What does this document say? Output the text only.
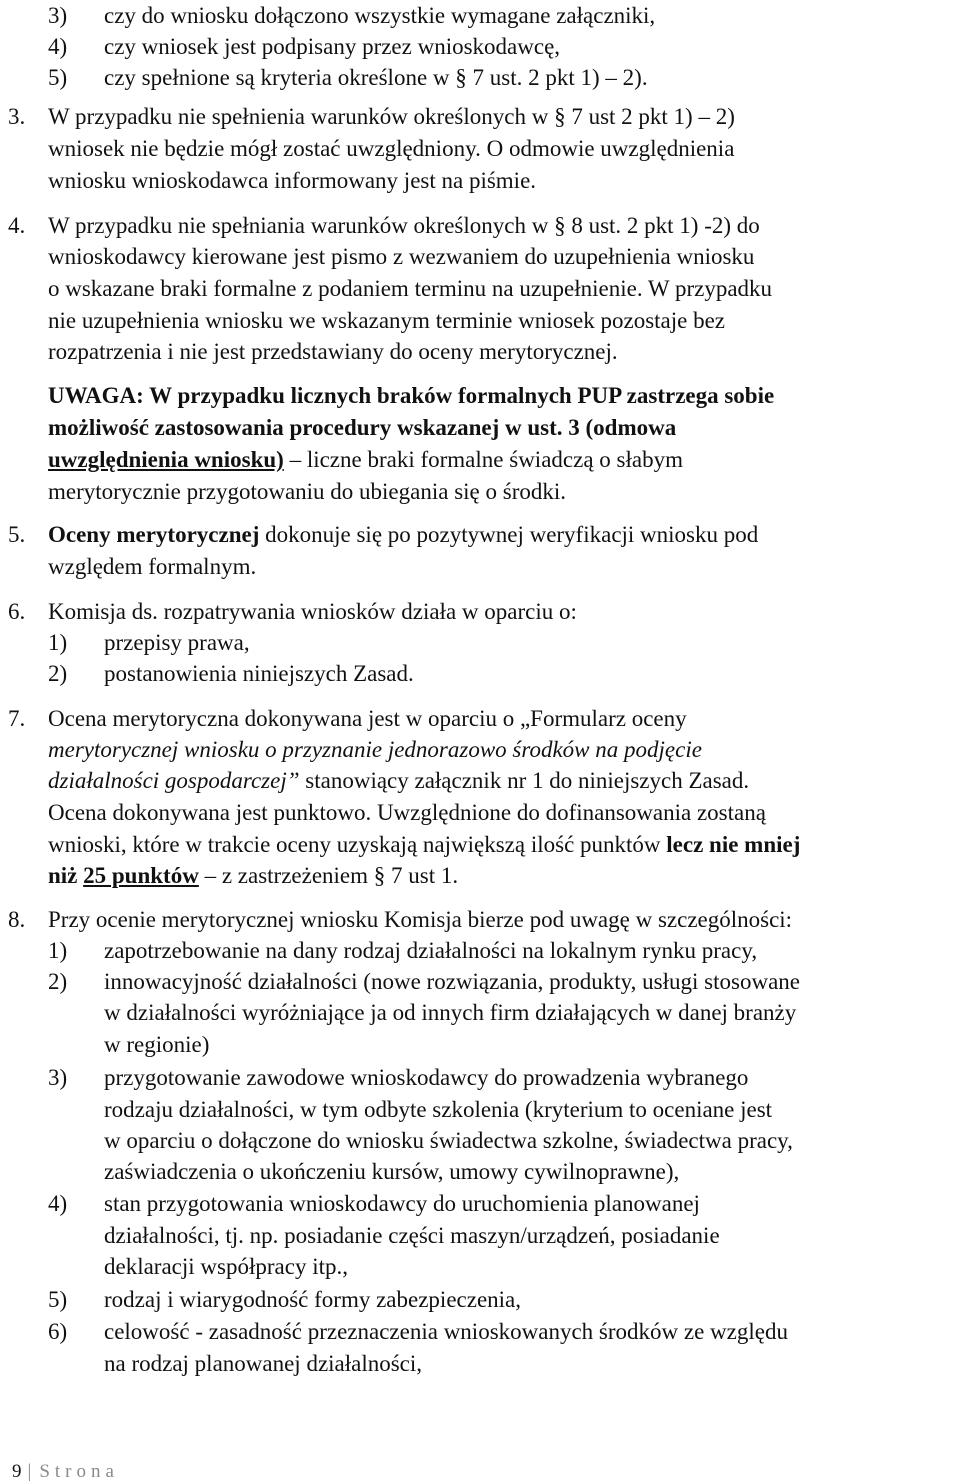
3) czy do wniosku dołączono wszystkie wymagane załączniki,
4) czy wniosek jest podpisany przez wnioskodawcę,
5) czy spełnione są kryteria określone w § 7 ust. 2 pkt 1) – 2).
3. W przypadku nie spełnienia warunków określonych w § 7 ust 2 pkt 1) – 2)
wniosek nie będzie mógł zostać uwzględniony. O odmowie uwzględnienia
wniosku wnioskodawca informowany jest na piśmie.
4. W przypadku nie spełniania warunków określonych w § 8 ust. 2 pkt 1) -2) do
wnioskodawcy kierowane jest pismo z wezwaniem do uzupełnienia wniosku
o wskazane braki formalne z podaniem terminu na uzupełnienie. W przypadku
nie uzupełnienia wniosku we wskazanym terminie wniosek pozostaje bez
rozpatrzenia i nie jest przedstawiany do oceny merytorycznej.
UWAGA: W przypadku licznych braków formalnych PUP zastrzega sobie
możliwość zastosowania procedury wskazanej w ust. 3 (odmowa
uwzględnienia wniosku) – liczne braki formalne świadczą o słabym
merytorycznie przygotowaniu do ubiegania się o środki.
5. Oceny merytorycznej dokonuje się po pozytywnej weryfikacji wniosku pod
względem formalnym.
6. Komisja ds. rozpatrywania wniosków działa w oparciu o:
1) przepisy prawa,
2) postanowienia niniejszych Zasad.
7. Ocena merytoryczna dokonywana jest w oparciu o „Formularz oceny
merytorycznej wniosku o przyznanie jednorazowo środków na podjęcie
działalności gospodarczej” stanowiący załącznik nr 1 do niniejszych Zasad.
Ocena dokonywana jest punktowo. Uwzględnione do dofinansowania zostaną
wnioski, które w trakcie oceny uzyskają największą ilość punktów lecz nie mniej
niż 25 punktów – z zastrzeżeniem § 7 ust 1.
8. Przy ocenie merytorycznej wniosku Komisja bierze pod uwagę w szczególności:
1) zapotrzebowanie na dany rodzaj działalności na lokalnym rynku pracy,
2) innowacyjność działalności (nowe rozwiązania, produkty, usługi stosowane
w działalności wyróżniające ja od innych firm działających w danej branży
w regionie)
3) przygotowanie zawodowe wnioskodawcy do prowadzenia wybranego
rodzaju działalności, w tym odbyte szkolenia (kryterium to oceniane jest
w oparciu o dołączone do wniosku świadectwa szkolne, świadectwa pracy,
zaświadczenia o ukończeniu kursów, umowy cywilnoprawne),
4) stan przygotowania wnioskodawcy do uruchomienia planowanej
działalności, tj. np. posiadanie części maszyn/urządzeń, posiadanie
deklaracji współpracy itp.,
5) rodzaj i wiarygodność formy zabezpieczenia,
6) celowość - zasadność przeznaczenia wnioskowanych środków ze względu
na rodzaj planowanej działalności,
9 | Strona
